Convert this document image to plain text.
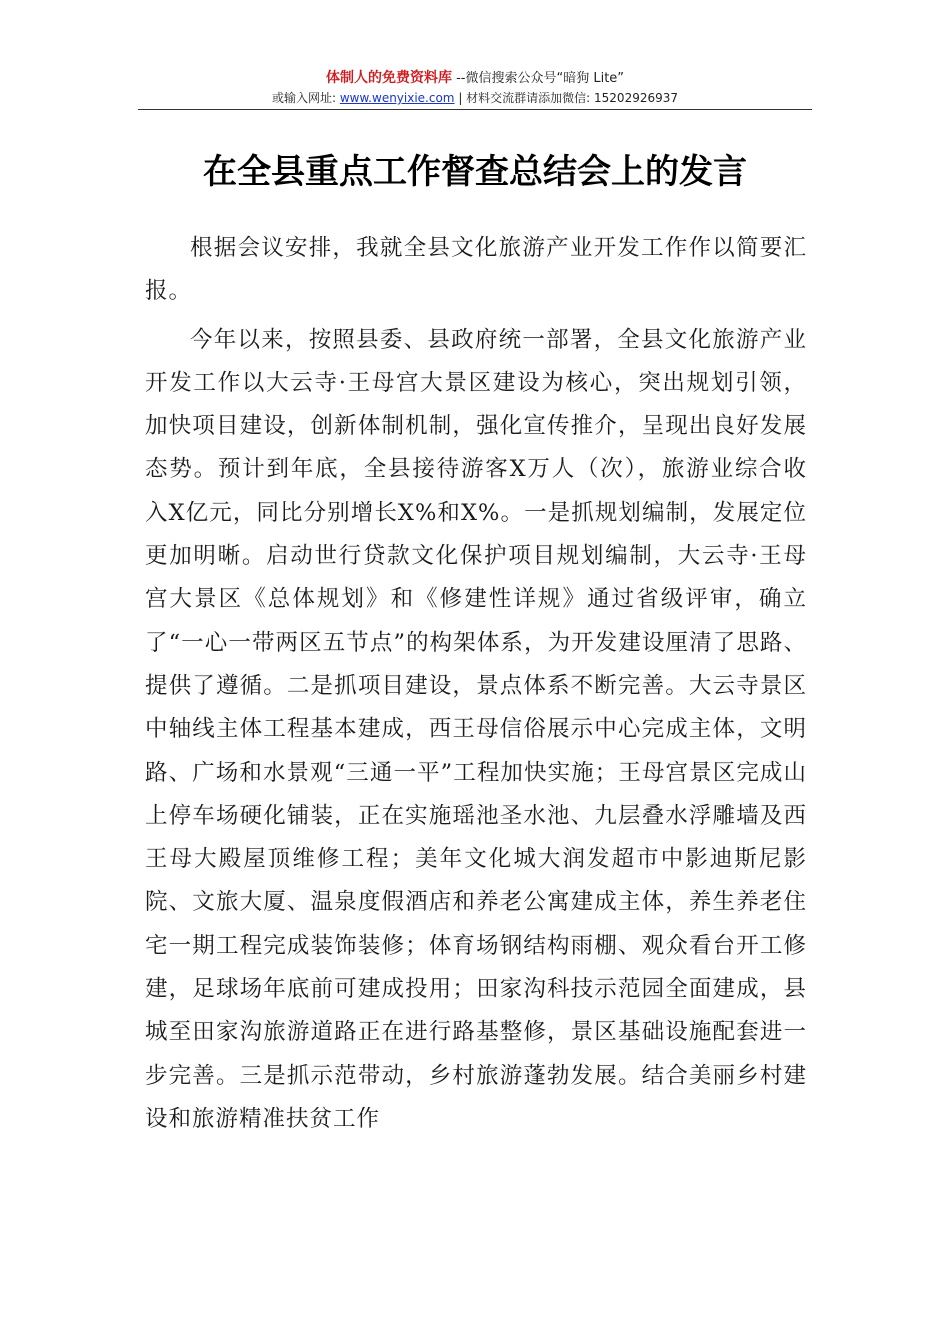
体制人的免费资料库 --微信搜索公众号“暗狗 Lite”
或输入网址: www.wenyixie.com | 材料交流群请添加微信: 15202926937
在全县重点工作督查总结会上的发言

根据会议安排，我就全县文化旅游产业开发工作作以简要汇报。

今年以来，按照县委、县政府统一部署，全县文化旅游产业开发工作以大云寺·王母宫大景区建设为核心，突出规划引领，加快项目建设，创新体制机制，强化宣传推介，呈现出良好发展态势。预计到年底，全县接待游客X万人（次），旅游业综合收入X亿元，同比分别增长X%和X%。一是抓规划编制，发展定位更加明晰。启动世行贷款文化保护项目规划编制，大云寺·王母宫大景区《总体规划》和《修建性详规》通过省级评审，确立了“一心一带两区五节点”的构架体系，为开发建设厘清了思路、提供了遵循。二是抓项目建设，景点体系不断完善。大云寺景区中轴线主体工程基本建成，西王母信俗展示中心完成主体，文明路、广场和水景观“三通一平”工程加快实施；王母宫景区完成山上停车场硬化铺装，正在实施瑶池圣水池、九层叠水浮雕墙及西王母大殿屋顶维修工程；美年文化城大润发超市中影迪斯尼影院、文旅大厦、温泉度假酒店和养老公寓建成主体，养生养老住宅一期工程完成装饰装修；体育场钢结构雨棚、观众看台开工修建，足球场年底前可建成投用；田家沟科技示范园全面建成，县城至田家沟旅游道路正在进行路基整修，景区基础设施配套进一步完善。三是抓示范带动，乡村旅游蓬勃发展。结合美丽乡村建设和旅游精准扶贫工作
